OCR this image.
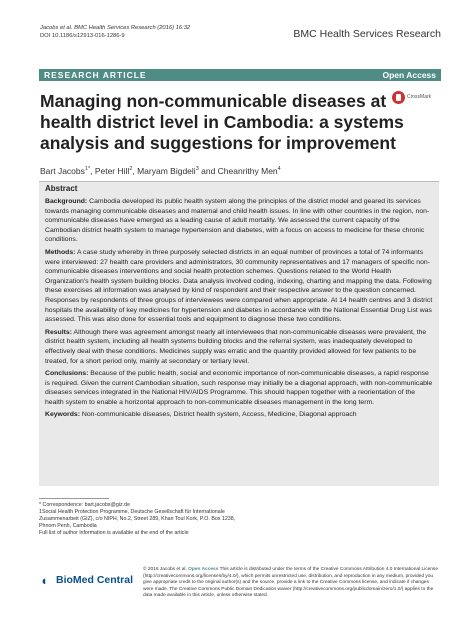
Jacobs et al. BMC Health Services Research (2016) 16:32
DOI 10.1186/s12913-016-1286-9	BMC Health Services Research
RESEARCH ARTICLE	Open Access
Managing non-communicable diseases at health district level in Cambodia: a systems analysis and suggestions for improvement
CrossMark
Bart Jacobs$^{1*}$, Peter Hill$^2$, Maryam Bigdeli$^3$ and Cheanrithy Men$^4$
Abstract

Background: Cambodia developed its public health system along the principles of the district model and geared its services towards managing communicable diseases and maternal and child health issues. In line with other countries in the region, non-communicable diseases have emerged as a leading cause of adult mortality. We assessed the current capacity of the Cambodian district health system to manage hypertension and diabetes, with a focus on access to medicine for these chronic conditions.

Methods: A case study whereby in three purposely selected districts in an equal number of provinces a total of 74 informants were interviewed: 27 health care providers and administrators, 30 community representatives and 17 managers of specific non-communicable diseases interventions and social health protection schemes. Questions related to the World Health Organization's health system building blocks. Data analysis involved coding, indexing, charting and mapping the data. Following these exercises all information was analysed by kind of respondent and their respective answer to the question concerned. Responses by respondents of three groups of interviewees were compared when appropriate. At 14 health centres and 3 district hospitals the availability of key medicines for hypertension and diabetes in accordance with the National Essential Drug List was assessed. This was also done for essential tools and equipment to diagnose these two conditions.

Results: Although there was agreement amongst nearly all interviewees that non-communicable diseases were prevalent, the district health system, including all health systems building blocks and the referral system, was inadequately developed to effectively deal with these conditions. Medicines supply was erratic and the quantity provided allowed for few patients to be treated, for a short period only, mainly at secondary or tertiary level.

Conclusions: Because of the public health, social and economic importance of non-communicable diseases, a rapid response is required. Given the current Cambodian situation, such response may initially be a diagonal approach, with non-communicable diseases services integrated in the National HIV/AIDS Programme. This should happen together with a reorientation of the health system to enable a horizontal approach to non-communicable diseases management in the long term.

Keywords: Non-communicable diseases, District health system, Access, Medicine, Diagonal approach

* Correspondence: bart.jacobs@giz.de

1Social Health Protection Programme, Deutsche Gesellschaft für Internationale Zusammenarbeit (GIZ), c/o NIPH, No.2, Street 289, Khan Toul Kork, P.O. Box 1238, Phnom Penh, Cambodia

Full list of author information is available at the end of the article

◖ BioMed Central
© 2016 Jacobs et al. Open Access This article is distributed under the terms of the Creative Commons Attribution 4.0 International License (http://creativecommons.org/licenses/by/4.0/), which permits unrestricted use, distribution, and reproduction in any medium, provided you give appropriate credit to the original author(s) and the source, provide a link to the Creative Commons license, and indicate if changes were made. The Creative Commons Public Domain Dedication waiver (http://creativecommons.org/publicdomain/zero/1.0/) applies to the data made available in this article, unless otherwise stated.
